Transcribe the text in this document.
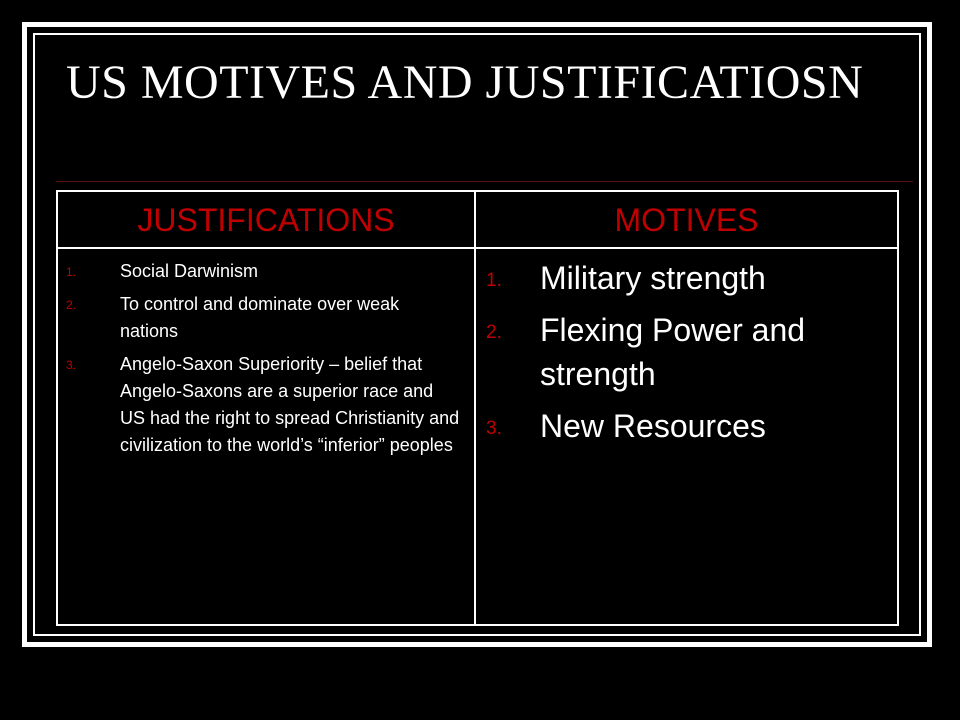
US MOTIVES AND JUSTIFICATIOSN
JUSTIFICATIONS	MOTIVES
1. Social Darwinism
2. To control and dominate over weak nations
3. Angelo-Saxon Superiority – belief that Angelo-Saxons are a superior race and US had the right to spread Christianity and civilization to the world’s “inferior” peoples
1. Military strength
2. Flexing Power and strength
3. New Resources
